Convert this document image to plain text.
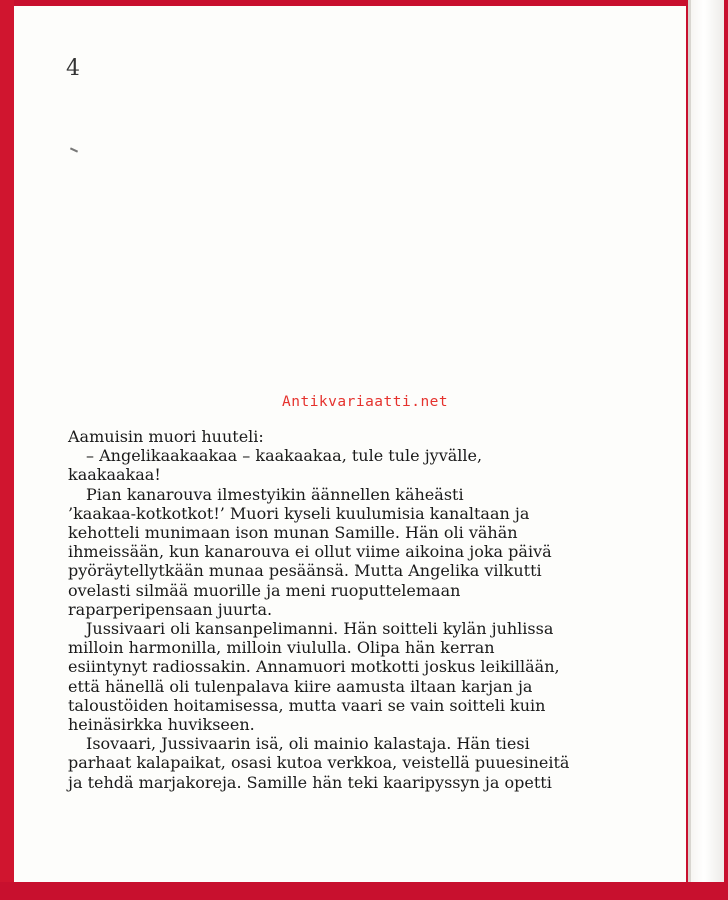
4
Antikvariaatti.net

Aamuisin muori huuteli:

– Angelikaakaakaa – kaakaakaa, tule tule jyvälle,

kaakaakaa!

Pian kanarouva ilmestyikin äännellen käheästi

’kaakaa-kotkotkot!’ Muori kyseli kuulumisia kanaltaan ja

kehotteli munimaan ison munan Samille. Hän oli vähän

ihmeissään, kun kanarouva ei ollut viime aikoina joka päivä

pyöräytellytkään munaa pesäänsä. Mutta Angelika vilkutti

ovelasti silmää muorille ja meni ruoputtelemaan

raparperipensaan juurta.

Jussivaari oli kansanpelimanni. Hän soitteli kylän juhlissa

milloin harmonilla, milloin viululla. Olipa hän kerran

esiintynyt radiossakin. Annamuori motkotti joskus leikillään,

että hänellä oli tulenpalava kiire aamusta iltaan karjan ja

taloustöiden hoitamisessa, mutta vaari se vain soitteli kuin

heinäsirkka huvikseen.

Isovaari, Jussivaarin isä, oli mainio kalastaja. Hän tiesi

parhaat kalapaikat, osasi kutoa verkkoa, veistellä puuesineitä

ja tehdä marjakoreja. Samille hän teki kaaripyssyn ja opetti
